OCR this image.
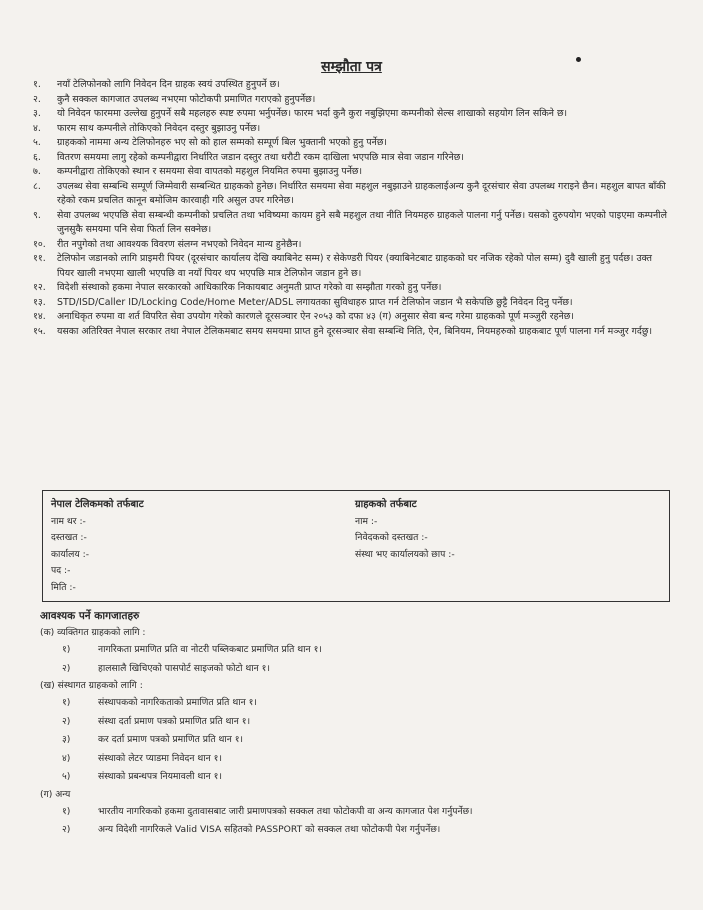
सम्झौता पत्र
१.	नयाँ टेलिफोनको लागि निवेदन दिन ग्राहक स्वयं उपस्थित हुनुपर्ने छ।
२.	कुनै सक्कल कागजात उपलब्ध नभएमा फोटोकपी प्रमाणित गराएको हुनुपर्नेछ।
३.	यो निवेदन फारममा उल्लेख हुनुपर्ने सबै महलहरु स्पष्ट रुपमा भर्नुपर्नेछ। फारम भर्दा कुनै कुरा नबुझिएमा कम्पनीको सेल्स शाखाको सहयोग लिन सकिने छ।
४.	फारम साथ कम्पनीले तोकिएको निवेदन दस्तुर बुझाउनु पर्नेछ।
५.	ग्राहकको नाममा अन्य टेलिफोनहरु भए सो को हाल सम्मको सम्पूर्ण बिल भुक्तानी भएको हुनु पर्नेछ।
६.	वितरण समयमा लागु रहेको कम्पनीद्वारा निर्धारित जडान दस्तुर तथा धरौटी रकम दाखिला भएपछि मात्र सेवा जडान गरिनेछ।
७.	कम्पनीद्वारा तोकिएको स्थान र समयमा सेवा वापतको महशुल नियमित रुपमा बुझाउनु पर्नेछ।
८.	उपलब्ध सेवा सम्बन्धि सम्पूर्ण जिम्मेवारी सम्बन्धित ग्राहकको हुनेछ। निर्धारित समयमा सेवा महशुल नबुझाउने ग्राहकलाईअन्य कुनै दूरसंचार सेवा उपलब्ध गराइने छैन। महशुल बापत बाँकी रहेको रकम प्रचलित कानून बमोजिम कारवाही गरि असुल उपर गरिनेछ।
९.	सेवा उपलब्ध भएपछि सेवा सम्बन्धी कम्पनीको प्रचलित तथा भविष्यमा कायम हुने सबै महशुल तथा नीति नियमहरु ग्राहकले पालना गर्नु पर्नेछ। यसको दुरुपयोग भएको पाइएमा कम्पनीले जुनसुकै समयमा पनि सेवा फिर्ता लिन सक्नेछ।
१०.	रीत नपुगेको तथा आवश्यक विवरण संलग्न नभएको निवेदन मान्य हुनेछैन।
११.	टेलिफोन जडानको लागि प्राइमरी पियर (दूरसंचार कार्यालय देखि क्याबिनेट सम्म) र सेकेण्डरी पियर (क्याबिनेटबाट ग्राहकको घर नजिक रहेको पोल सम्म) दुवै खाली हुनु पर्दछ। उक्त पियर खाली नभएमा खाली भएपछि वा नयाँ पियर थप भएपछि मात्र टेलिफोन जडान हुने छ।
१२.	विदेशी संस्थाको हकमा नेपाल सरकारको आधिकारिक निकायबाट अनुमती प्राप्त गरेको वा सम्झौता गरको हुनु पर्नेछ।
१३.	STD/ISD/Caller ID/Locking Code/Home Meter/ADSL लगायतका सुविधाहरु प्राप्त गर्न टेलिफोन जडान भै सकेपछि छुट्टै निवेदन दिनु पर्नेछ।
१४.	अनाधिकृत रुपमा वा शर्त विपरित सेवा उपयोग गरेको कारणले दूरसञ्चार ऐन २०५३ को दफा ४३ (ग) अनुसार सेवा बन्द गरेमा ग्राहकको पूर्ण मञ्जुरी रहनेछ।
१५.	यसका अतिरिक्त नेपाल सरकार तथा नेपाल टेलिकमबाट समय समयमा प्राप्त हुने दूरसञ्चार सेवा सम्बन्धि निति, ऐन, बिनियम, नियमहरुको ग्राहकबाट पूर्ण पालना गर्न मञ्जुर गर्दछु।
नेपाल टेलिकमको तर्फबाट
नाम थर :-
दस्तखत :-
कार्यालय :-
पद :-
मिति :-
ग्राहकको तर्फबाट
नाम :-
निवेदकको दस्तखत :-
संस्था भए कार्यालयको छाप :-
आवश्यक पर्ने कागजातहरु
(क) व्यक्तिगत ग्राहकको लागि :
१)	नागरिकता प्रमाणित प्रति वा नोटरी पब्लिकबाट प्रमाणित प्रति थान १।
२)	हालसालै खिचिएको पासपोर्ट साइजको फोटो थान १।
(ख) संस्थागत ग्राहकको लागि :
१)	संस्थापकको नागरिकताको प्रमाणित प्रति थान १।
२)	संस्था दर्ता प्रमाण पत्रको प्रमाणित प्रति थान १।
३)	कर दर्ता प्रमाण पत्रको प्रमाणित प्रति थान १।
४)	संस्थाको लेटर प्याडमा निवेदन थान १।
५)	संस्थाको प्रबन्धपत्र नियमावली थान १।
(ग) अन्य
१)	भारतीय नागरिकको हकमा दुतावासबाट जारी प्रमाणपत्रको सक्कल तथा फोटोकपी वा अन्य कागजात पेश गर्नुपर्नेछ।
२)	अन्य विदेशी नागरिकले Valid VISA सहितको PASSPORT को सक्कल तथा फोटोकपी पेश गर्नुपर्नेछ।
